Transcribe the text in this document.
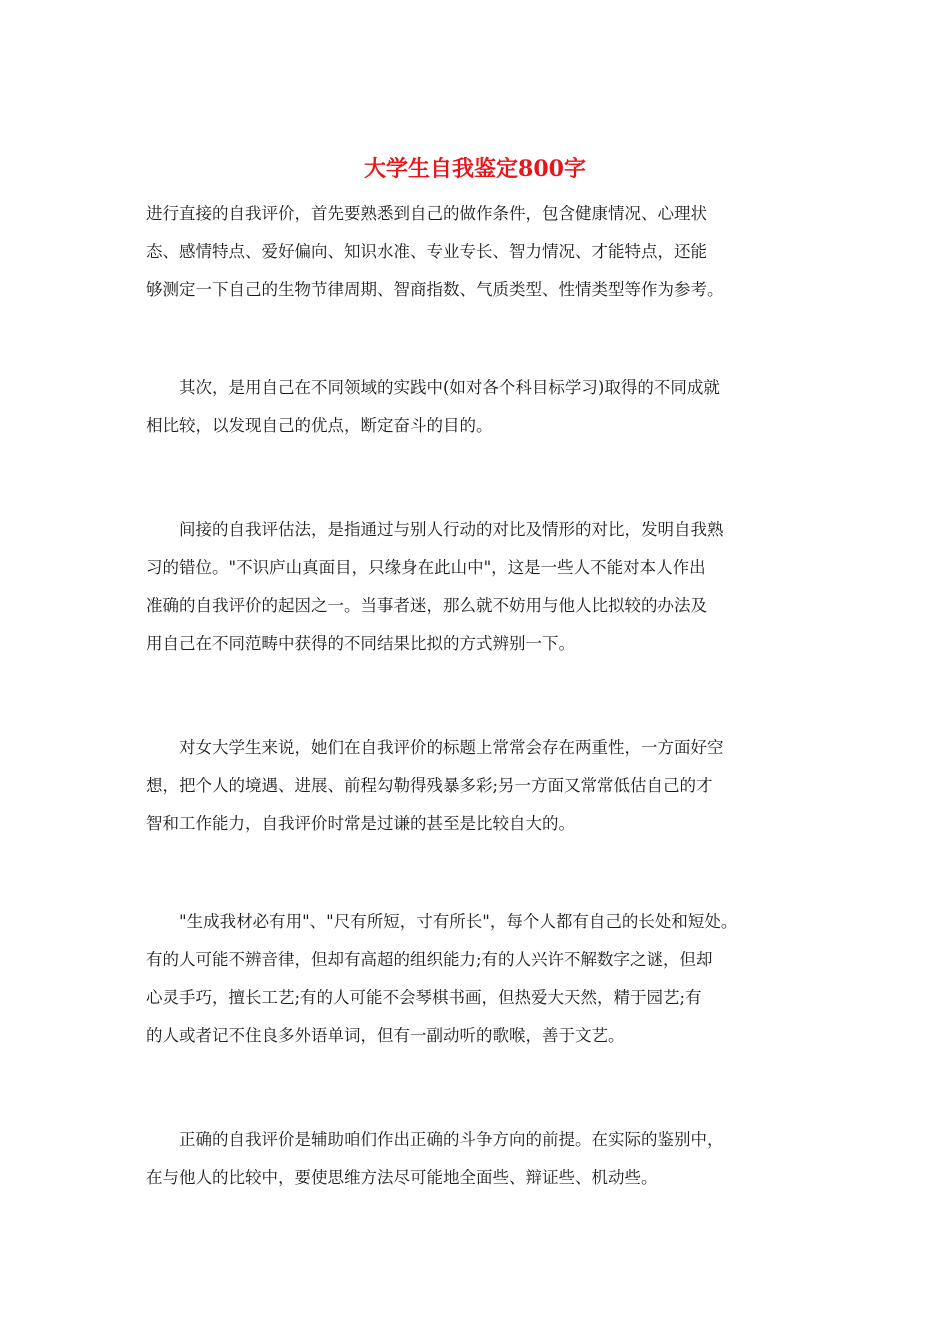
大学生自我鉴定800字
进行直接的自我评价，首先要熟悉到自己的做作条件，包含健康情况、心理状
态、感情特点、爱好偏向、知识水准、专业专长、智力情况、才能特点，还能
够测定一下自己的生物节律周期、智商指数、气质类型、性情类型等作为参考。
　　其次，是用自己在不同领域的实践中(如对各个科目标学习)取得的不同成就
相比较，以发现自己的优点，断定奋斗的目的。
　　间接的自我评估法，是指通过与别人行动的对比及情形的对比，发明自我熟
习的错位。"不识庐山真面目，只缘身在此山中"，这是一些人不能对本人作出
准确的自我评价的起因之一。当事者迷，那么就不妨用与他人比拟较的办法及
用自己在不同范畴中获得的不同结果比拟的方式辨别一下。
　　对女大学生来说，她们在自我评价的标题上常常会存在两重性，一方面好空
想，把个人的境遇、进展、前程勾勒得残暴多彩;另一方面又常常低估自己的才
智和工作能力，自我评价时常是过谦的甚至是比较自大的。
　　"生成我材必有用"、"尺有所短，寸有所长"，每个人都有自己的长处和短处。
有的人可能不辨音律，但却有高超的组织能力;有的人兴许不解数字之谜，但却
心灵手巧，擅长工艺;有的人可能不会琴棋书画，但热爱大天然，精于园艺;有
的人或者记不住良多外语单词，但有一副动听的歌喉，善于文艺。
　　正确的自我评价是辅助咱们作出正确的斗争方向的前提。在实际的鉴别中，
在与他人的比较中，要使思维方法尽可能地全面些、辩证些、机动些。
